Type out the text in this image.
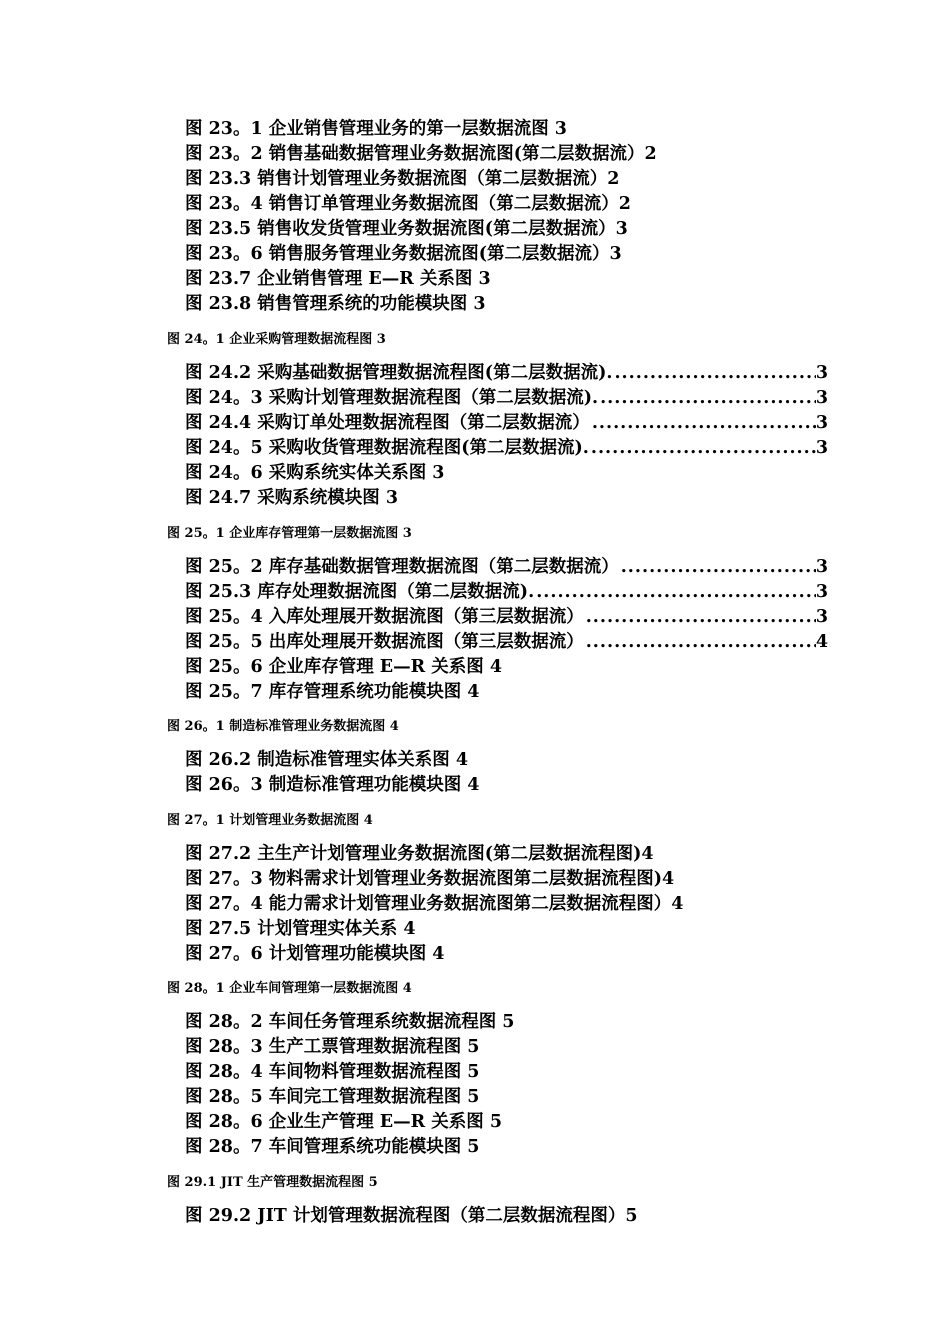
图 23。1 企业销售管理业务的第一层数据流图 3
图 23。2 销售基础数据管理业务数据流图(第二层数据流）2
图 23.3 销售计划管理业务数据流图（第二层数据流）2
图 23。4 销售订单管理业务数据流图（第二层数据流）2
图 23.5 销售收发货管理业务数据流图(第二层数据流）3
图 23。6 销售服务管理业务数据流图(第二层数据流）3
图 23.7 企业销售管理 E—R 关系图 3
图 23.8 销售管理系统的功能模块图 3
图 24。1 企业采购管理数据流程图 3
图 24.2 采购基础数据管理数据流程图(第二层数据流). .....	3
图 24。3 采购计划管理数据流程图（第二层数据流). .....	3
图 24.4 采购订单处理数据流程图（第二层数据流） .....	3
图 24。5 采购收货管理数据流程图(第二层数据流). .....	3
图 24。6 采购系统实体关系图 3
图 24.7 采购系统模块图 3
图 25。1 企业库存管理第一层数据流图 3
图 25。2 库存基础数据管理数据流图（第二层数据流） .....	3
图 25.3 库存处理数据流图（第二层数据流). .....	3
图 25。4 入库处理展开数据流图（第三层数据流） .....	3
图 25。5 出库处理展开数据流图（第三层数据流） .....	4
图 25。6 企业库存管理 E—R 关系图 4
图 25。7 库存管理系统功能模块图 4
图 26。1 制造标准管理业务数据流图 4
图 26.2 制造标准管理实体关系图 4
图 26。3 制造标准管理功能模块图 4
图 27。1 计划管理业务数据流图 4
图 27.2 主生产计划管理业务数据流图(第二层数据流程图)4
图 27。3 物料需求计划管理业务数据流图第二层数据流程图)4
图 27。4 能力需求计划管理业务数据流图第二层数据流程图）4
图 27.5 计划管理实体关系 4
图 27。6 计划管理功能模块图 4
图 28。1 企业车间管理第一层数据流图 4
图 28。2 车间任务管理系统数据流程图 5
图 28。3 生产工票管理数据流程图 5
图 28。4 车间物料管理数据流程图 5
图 28。5 车间完工管理数据流程图 5
图 28。6 企业生产管理 E—R 关系图 5
图 28。7 车间管理系统功能模块图 5
图 29.1 JIT 生产管理数据流程图 5
图 29.2 JIT 计划管理数据流程图（第二层数据流程图）5
